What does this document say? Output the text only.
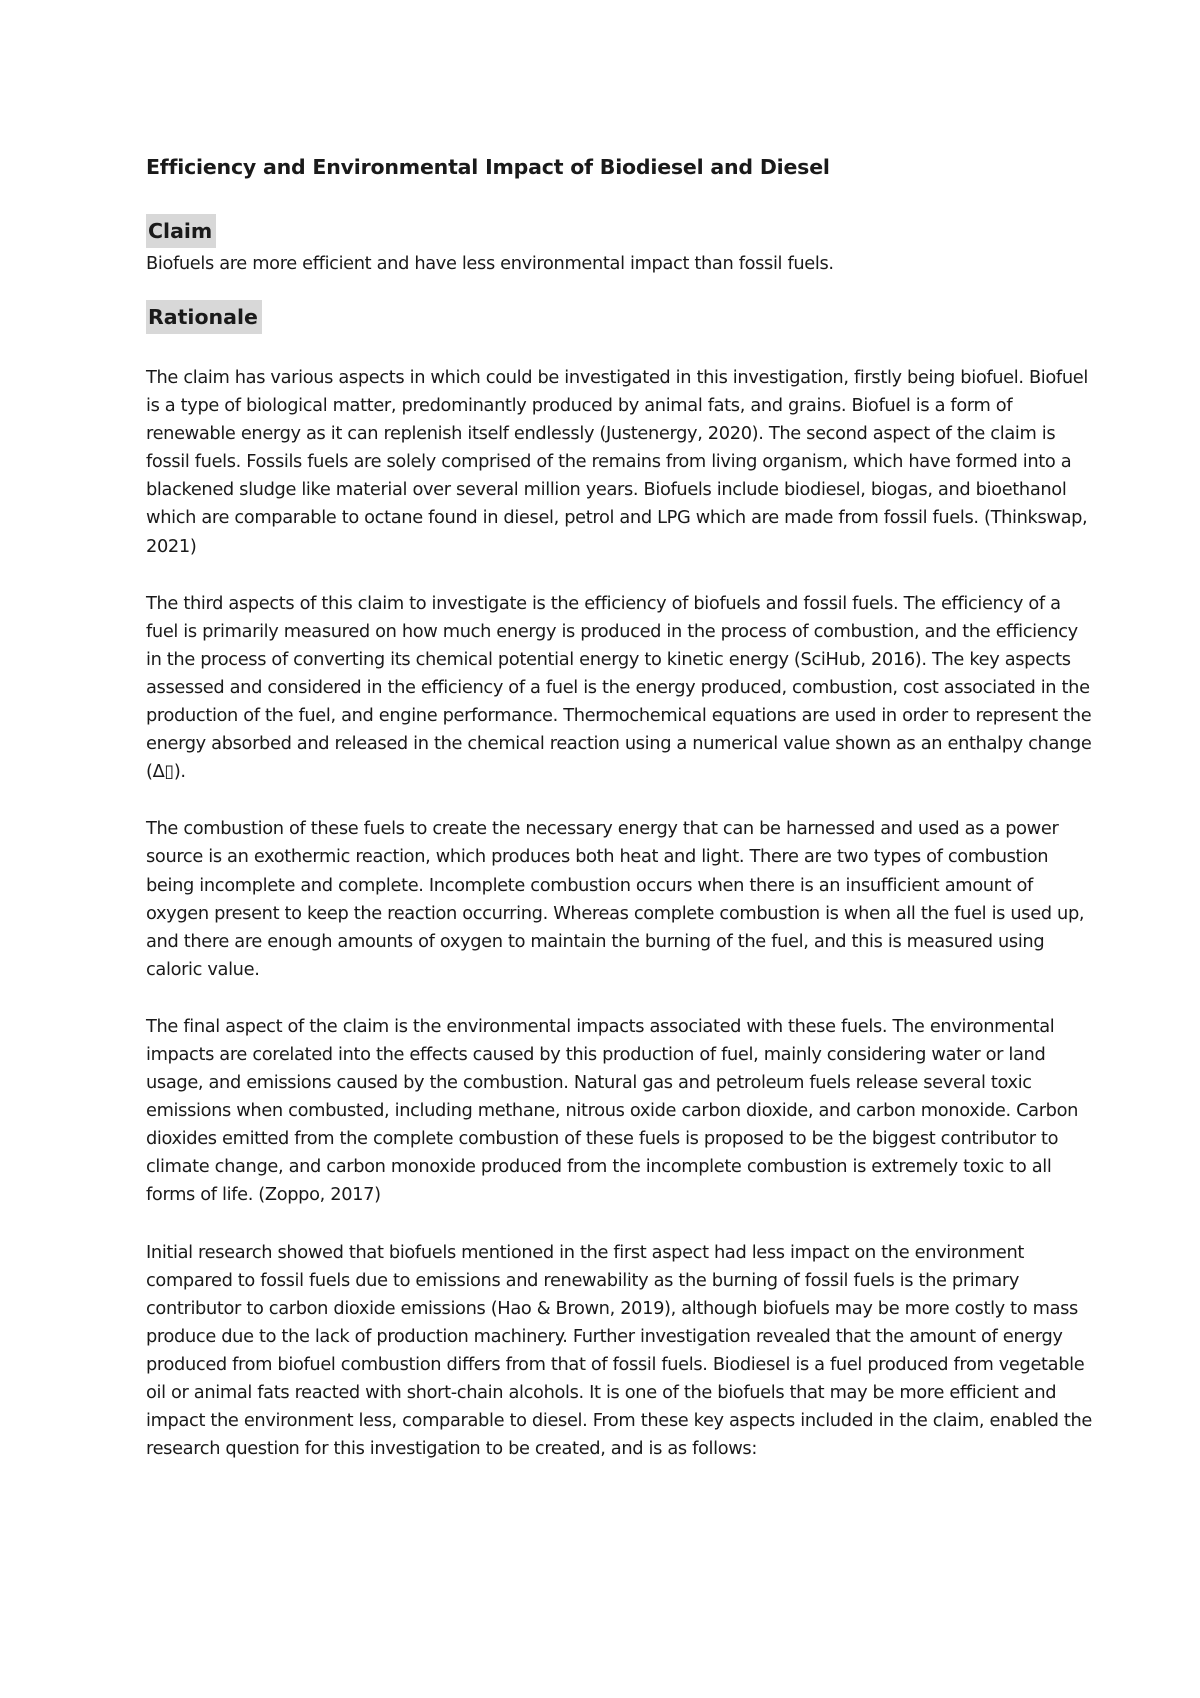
Efficiency and Environmental Impact of Biodiesel and Diesel
Claim

Biofuels are more efficient and have less environmental impact than fossil fuels.

Rationale

The claim has various aspects in which could be investigated in this investigation, firstly being biofuel. Biofuel is a type of biological matter, predominantly produced by animal fats, and grains. Biofuel is a form of renewable energy as it can replenish itself endlessly (Justenergy, 2020). The second aspect of the claim is fossil fuels. Fossils fuels are solely comprised of the remains from living organism, which have formed into a blackened sludge like material over several million years. Biofuels include biodiesel, biogas, and bioethanol which are comparable to octane found in diesel, petrol and LPG which are made from fossil fuels. (Thinkswap, 2021)

The third aspects of this claim to investigate is the efficiency of biofuels and fossil fuels. The efficiency of a fuel is primarily measured on how much energy is produced in the process of combustion, and the efficiency in the process of converting its chemical potential energy to kinetic energy (SciHub, 2016). The key aspects assessed and considered in the efficiency of a fuel is the energy produced, combustion, cost associated in the production of the fuel, and engine performance. Thermochemical equations are used in order to represent the energy absorbed and released in the chemical reaction using a numerical value shown as an enthalpy change (Δ▯).

The combustion of these fuels to create the necessary energy that can be harnessed and used as a power source is an exothermic reaction, which produces both heat and light. There are two types of combustion being incomplete and complete. Incomplete combustion occurs when there is an insufficient amount of oxygen present to keep the reaction occurring. Whereas complete combustion is when all the fuel is used up, and there are enough amounts of oxygen to maintain the burning of the fuel, and this is measured using caloric value.

The final aspect of the claim is the environmental impacts associated with these fuels. The environmental impacts are corelated into the effects caused by this production of fuel, mainly considering water or land usage, and emissions caused by the combustion. Natural gas and petroleum fuels release several toxic emissions when combusted, including methane, nitrous oxide carbon dioxide, and carbon monoxide. Carbon dioxides emitted from the complete combustion of these fuels is proposed to be the biggest contributor to climate change, and carbon monoxide produced from the incomplete combustion is extremely toxic to all forms of life. (Zoppo, 2017)

Initial research showed that biofuels mentioned in the first aspect had less impact on the environment compared to fossil fuels due to emissions and renewability as the burning of fossil fuels is the primary contributor to carbon dioxide emissions (Hao & Brown, 2019), although biofuels may be more costly to mass produce due to the lack of production machinery. Further investigation revealed that the amount of energy produced from biofuel combustion differs from that of fossil fuels. Biodiesel is a fuel produced from vegetable oil or animal fats reacted with short-chain alcohols. It is one of the biofuels that may be more efficient and impact the environment less, comparable to diesel. From these key aspects included in the claim, enabled the research question for this investigation to be created, and is as follows:
